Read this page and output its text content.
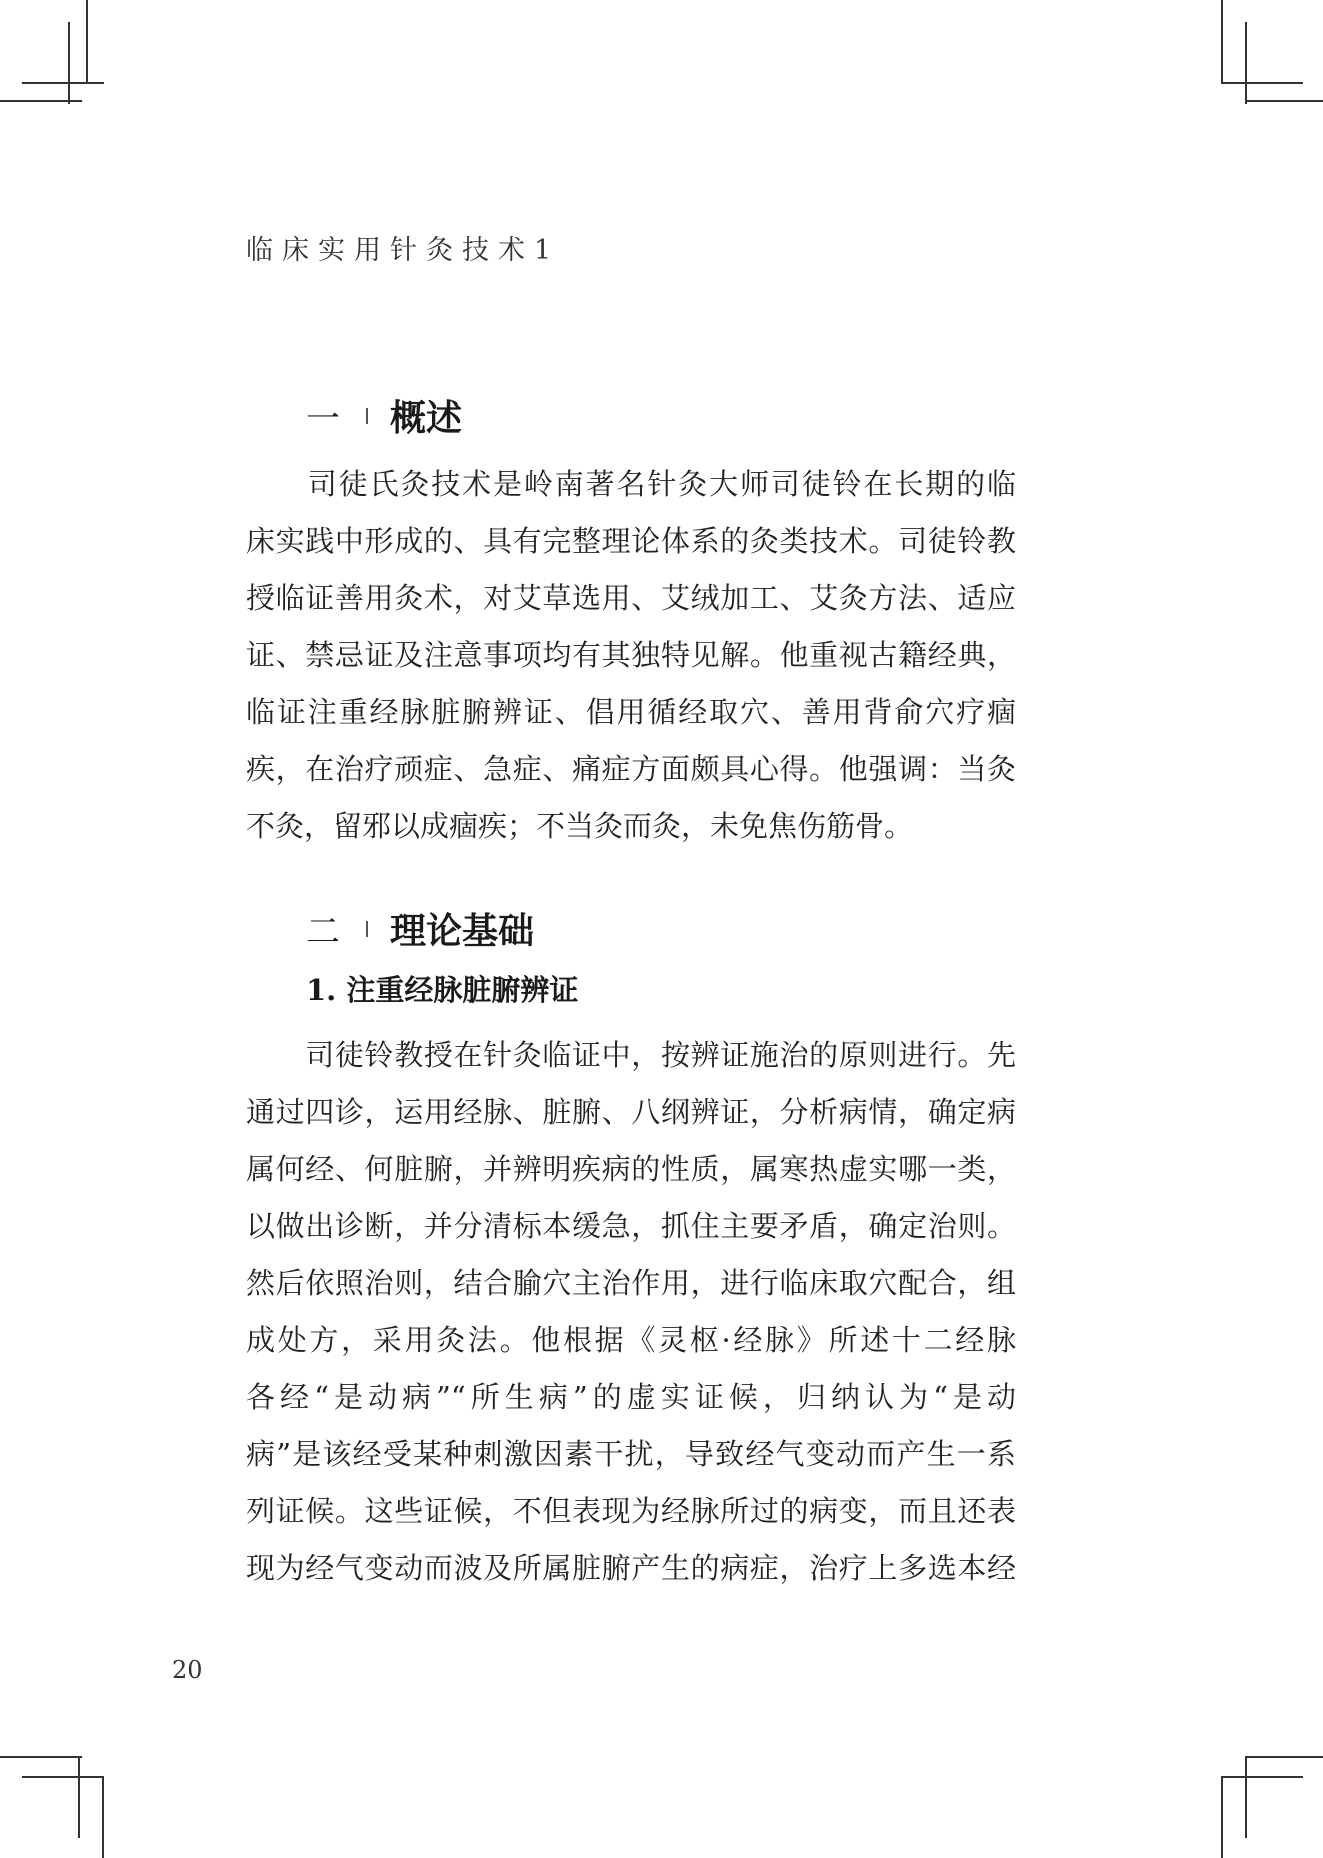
临床实用针灸技术1
一 概述
　　司徒氏灸技术是岭南著名针灸大师司徒铃在长期的临
床实践中形成的、具有完整理论体系的灸类技术。司徒铃教
授临证善用灸术，对艾草选用、艾绒加工、艾灸方法、适应
证、禁忌证及注意事项均有其独特见解。他重视古籍经典，
临证注重经脉脏腑辨证、倡用循经取穴、善用背俞穴疗痼
疾，在治疗顽症、急症、痛症方面颇具心得。他强调：当灸
不灸，留邪以成痼疾；不当灸而灸，未免焦伤筋骨。
二 理论基础
1. 注重经脉脏腑辨证
　　司徒铃教授在针灸临证中，按辨证施治的原则进行。先
通过四诊，运用经脉、脏腑、八纲辨证，分析病情，确定病
属何经、何脏腑，并辨明疾病的性质，属寒热虚实哪一类，
以做出诊断，并分清标本缓急，抓住主要矛盾，确定治则。
然后依照治则，结合腧穴主治作用，进行临床取穴配合，组
成处方，采用灸法。他根据《灵枢·经脉》所述十二经脉
各经“是动病”“所生病”的虚实证候，归纳认为“是动
病”是该经受某种刺激因素干扰，导致经气变动而产生一系
列证候。这些证候，不但表现为经脉所过的病变，而且还表
现为经气变动而波及所属脏腑产生的病症，治疗上多选本经
20
